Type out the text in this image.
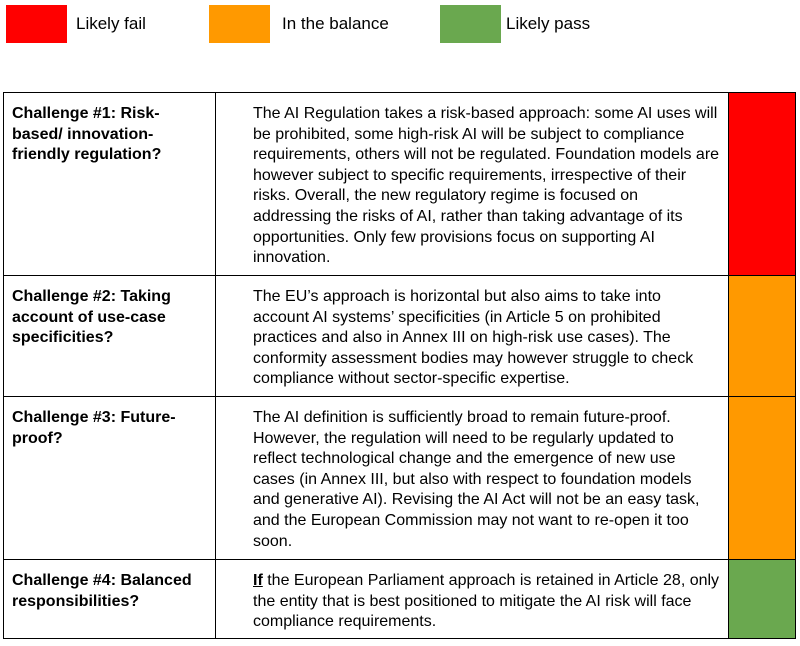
Likely fail	In the balance	Likely pass
Challenge #1: Risk-based/ innovation-friendly regulation?	The AI Regulation takes a risk-based approach: some AI uses will be prohibited, some high-risk AI will be subject to compliance requirements, others will not be regulated. Foundation models are however subject to specific requirements, irrespective of their risks. Overall, the new regulatory regime is focused on addressing the risks of AI, rather than taking advantage of its opportunities. Only few provisions focus on supporting AI innovation.	

Challenge #2: Taking account of use-case specificities?	The EU’s approach is horizontal but also aims to take into account AI systems’ specificities (in Article 5 on prohibited practices and also in Annex III on high-risk use cases). The conformity assessment bodies may however struggle to check compliance without sector-specific expertise.	

Challenge #3: Future-proof?	The AI definition is sufficiently broad to remain future-proof. However, the regulation will need to be regularly updated to reflect technological change and the emergence of new use cases (in Annex III, but also with respect to foundation models and generative AI). Revising the AI Act will not be an easy task, and the European Commission may not want to re-open it too soon.	

Challenge #4: Balanced responsibilities?	If the European Parliament approach is retained in Article 28, only the entity that is best positioned to mitigate the AI risk will face compliance requirements.	
